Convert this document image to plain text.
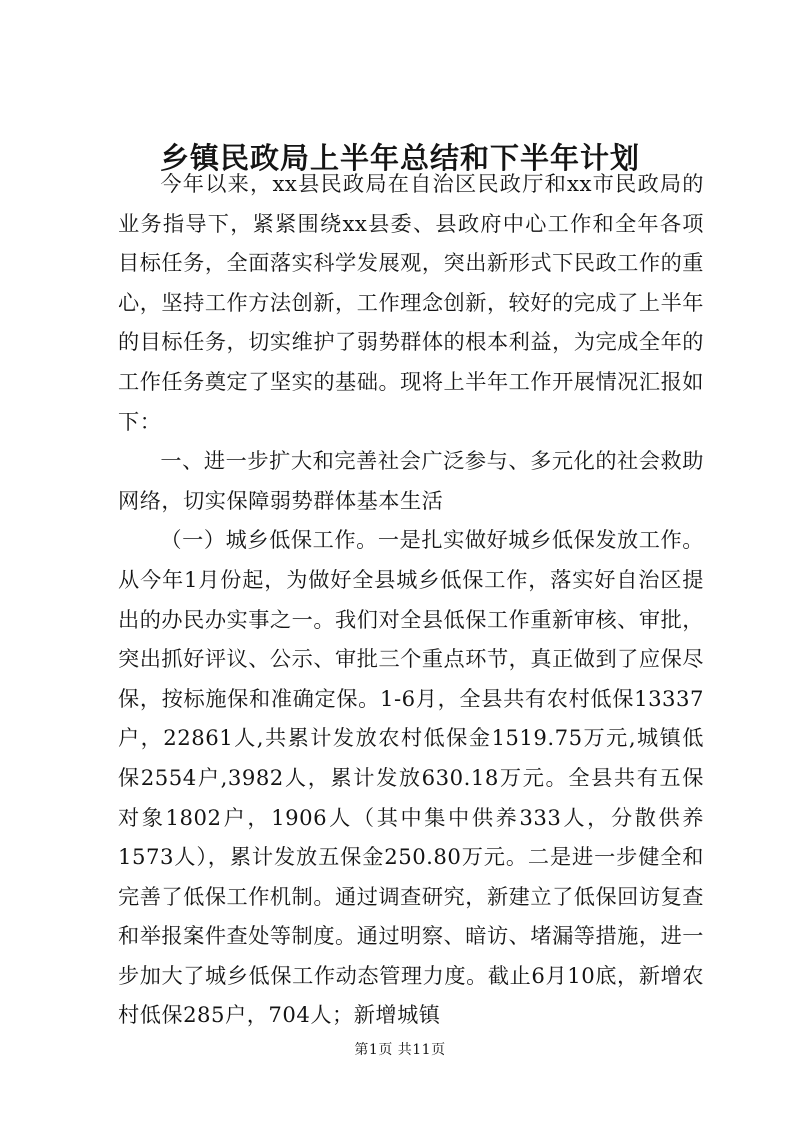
乡镇民政局上半年总结和下半年计划

今年以来，xx县民政局在自治区民政厅和xx市民政局的业务指导下，紧紧围绕xx县委、县政府中心工作和全年各项目标任务，全面落实科学发展观，突出新形式下民政工作的重心，坚持工作方法创新，工作理念创新，较好的完成了上半年的目标任务，切实维护了弱势群体的根本利益，为完成全年的工作任务奠定了坚实的基础。现将上半年工作开展情况汇报如下：

一、进一步扩大和完善社会广泛参与、多元化的社会救助网络，切实保障弱势群体基本生活

（一）城乡低保工作。一是扎实做好城乡低保发放工作。从今年1月份起，为做好全县城乡低保工作，落实好自治区提出的办民办实事之一。我们对全县低保工作重新审核、审批，突出抓好评议、公示、审批三个重点环节，真正做到了应保尽保，按标施保和准确定保。1-6月，全县共有农村低保13337户，22861人,共累计发放农村低保金1519.75万元,城镇低保2554户,3982人，累计发放630.18万元。全县共有五保对象1802户，1906人（其中集中供养333人，分散供养1573人），累计发放五保金250.80万元。二是进一步健全和完善了低保工作机制。通过调查研究，新建立了低保回访复查和举报案件查处等制度。通过明察、暗访、堵漏等措施，进一步加大了城乡低保工作动态管理力度。截止6月10底，新增农村低保285户，704人；新增城镇

第1页 共11页
